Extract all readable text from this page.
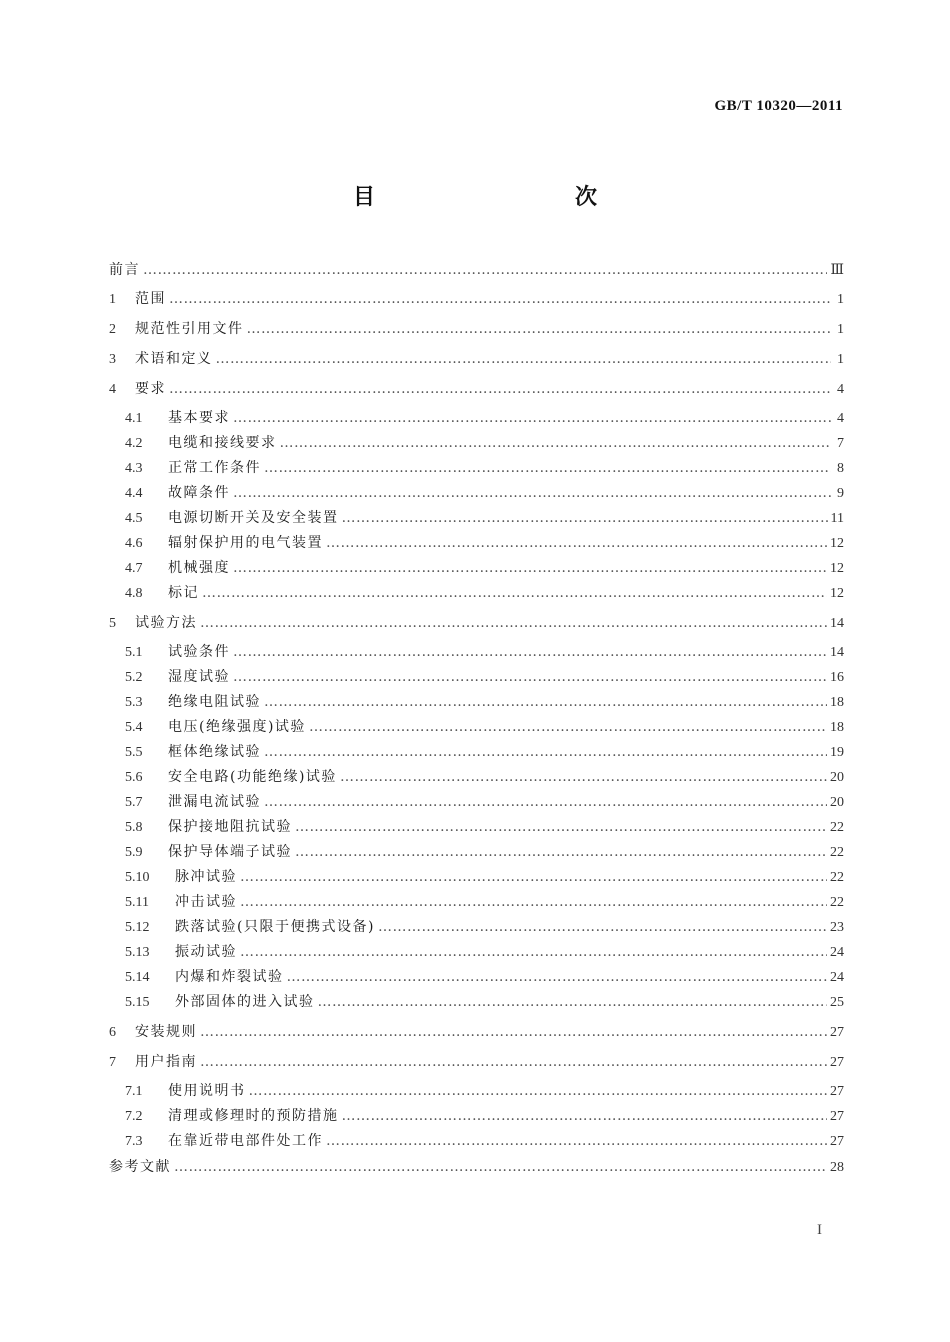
GB/T 10320—2011
目　　次
前言 …………………………………………………………………………………………………………………………………………………………………………………………………………………………………………………………………	Ⅲ
1	范围 …………………………………………………………………………………………………………………………………………………………………………………………………………………………………………………………………	1
2	规范性引用文件 …………………………………………………………………………………………………………………………………………………………………………………………………………………………………………………………………	1
3	术语和定义 …………………………………………………………………………………………………………………………………………………………………………………………………………………………………………………………………	1
4	要求 …………………………………………………………………………………………………………………………………………………………………………………………………………………………………………………………………	4
4.1	基本要求 …………………………………………………………………………………………………………………………………………………………………………………………………………………………………………………………………	4
4.2	电缆和接线要求 …………………………………………………………………………………………………………………………………………………………………………………………………………………………………………………………………	7
4.3	正常工作条件 …………………………………………………………………………………………………………………………………………………………………………………………………………………………………………………………………	8
4.4	故障条件 …………………………………………………………………………………………………………………………………………………………………………………………………………………………………………………………………	9
4.5	电源切断开关及安全装置 …………………………………………………………………………………………………………………………………………………………………………………………………………………………………………………………………	11
4.6	辐射保护用的电气装置 …………………………………………………………………………………………………………………………………………………………………………………………………………………………………………………………………	12
4.7	机械强度 …………………………………………………………………………………………………………………………………………………………………………………………………………………………………………………………………	12
4.8	标记 …………………………………………………………………………………………………………………………………………………………………………………………………………………………………………………………………	12
5	试验方法 …………………………………………………………………………………………………………………………………………………………………………………………………………………………………………………………………	14
5.1	试验条件 …………………………………………………………………………………………………………………………………………………………………………………………………………………………………………………………………	14
5.2	湿度试验 …………………………………………………………………………………………………………………………………………………………………………………………………………………………………………………………………	16
5.3	绝缘电阻试验 …………………………………………………………………………………………………………………………………………………………………………………………………………………………………………………………………	18
5.4	电压(绝缘强度)试验 …………………………………………………………………………………………………………………………………………………………………………………………………………………………………………………………………	18
5.5	框体绝缘试验 …………………………………………………………………………………………………………………………………………………………………………………………………………………………………………………………………	19
5.6	安全电路(功能绝缘)试验 …………………………………………………………………………………………………………………………………………………………………………………………………………………………………………………………………	20
5.7	泄漏电流试验 …………………………………………………………………………………………………………………………………………………………………………………………………………………………………………………………………	20
5.8	保护接地阻抗试验 …………………………………………………………………………………………………………………………………………………………………………………………………………………………………………………………………	22
5.9	保护导体端子试验 …………………………………………………………………………………………………………………………………………………………………………………………………………………………………………………………………	22
5.10	脉冲试验 …………………………………………………………………………………………………………………………………………………………………………………………………………………………………………………………………	22
5.11	冲击试验 …………………………………………………………………………………………………………………………………………………………………………………………………………………………………………………………………	22
5.12	跌落试验(只限于便携式设备) …………………………………………………………………………………………………………………………………………………………………………………………………………………………………………………………………	23
5.13	振动试验 …………………………………………………………………………………………………………………………………………………………………………………………………………………………………………………………………	24
5.14	内爆和炸裂试验 …………………………………………………………………………………………………………………………………………………………………………………………………………………………………………………………………	24
5.15	外部固体的进入试验 …………………………………………………………………………………………………………………………………………………………………………………………………………………………………………………………………	25
6	安装规则 …………………………………………………………………………………………………………………………………………………………………………………………………………………………………………………………………	27
7	用户指南 …………………………………………………………………………………………………………………………………………………………………………………………………………………………………………………………………	27
7.1	使用说明书 …………………………………………………………………………………………………………………………………………………………………………………………………………………………………………………………………	27
7.2	清理或修理时的预防措施 …………………………………………………………………………………………………………………………………………………………………………………………………………………………………………………………………	27
7.3	在靠近带电部件处工作 …………………………………………………………………………………………………………………………………………………………………………………………………………………………………………………………………	27
参考文献 …………………………………………………………………………………………………………………………………………………………………………………………………………………………………………………………………	28
I
